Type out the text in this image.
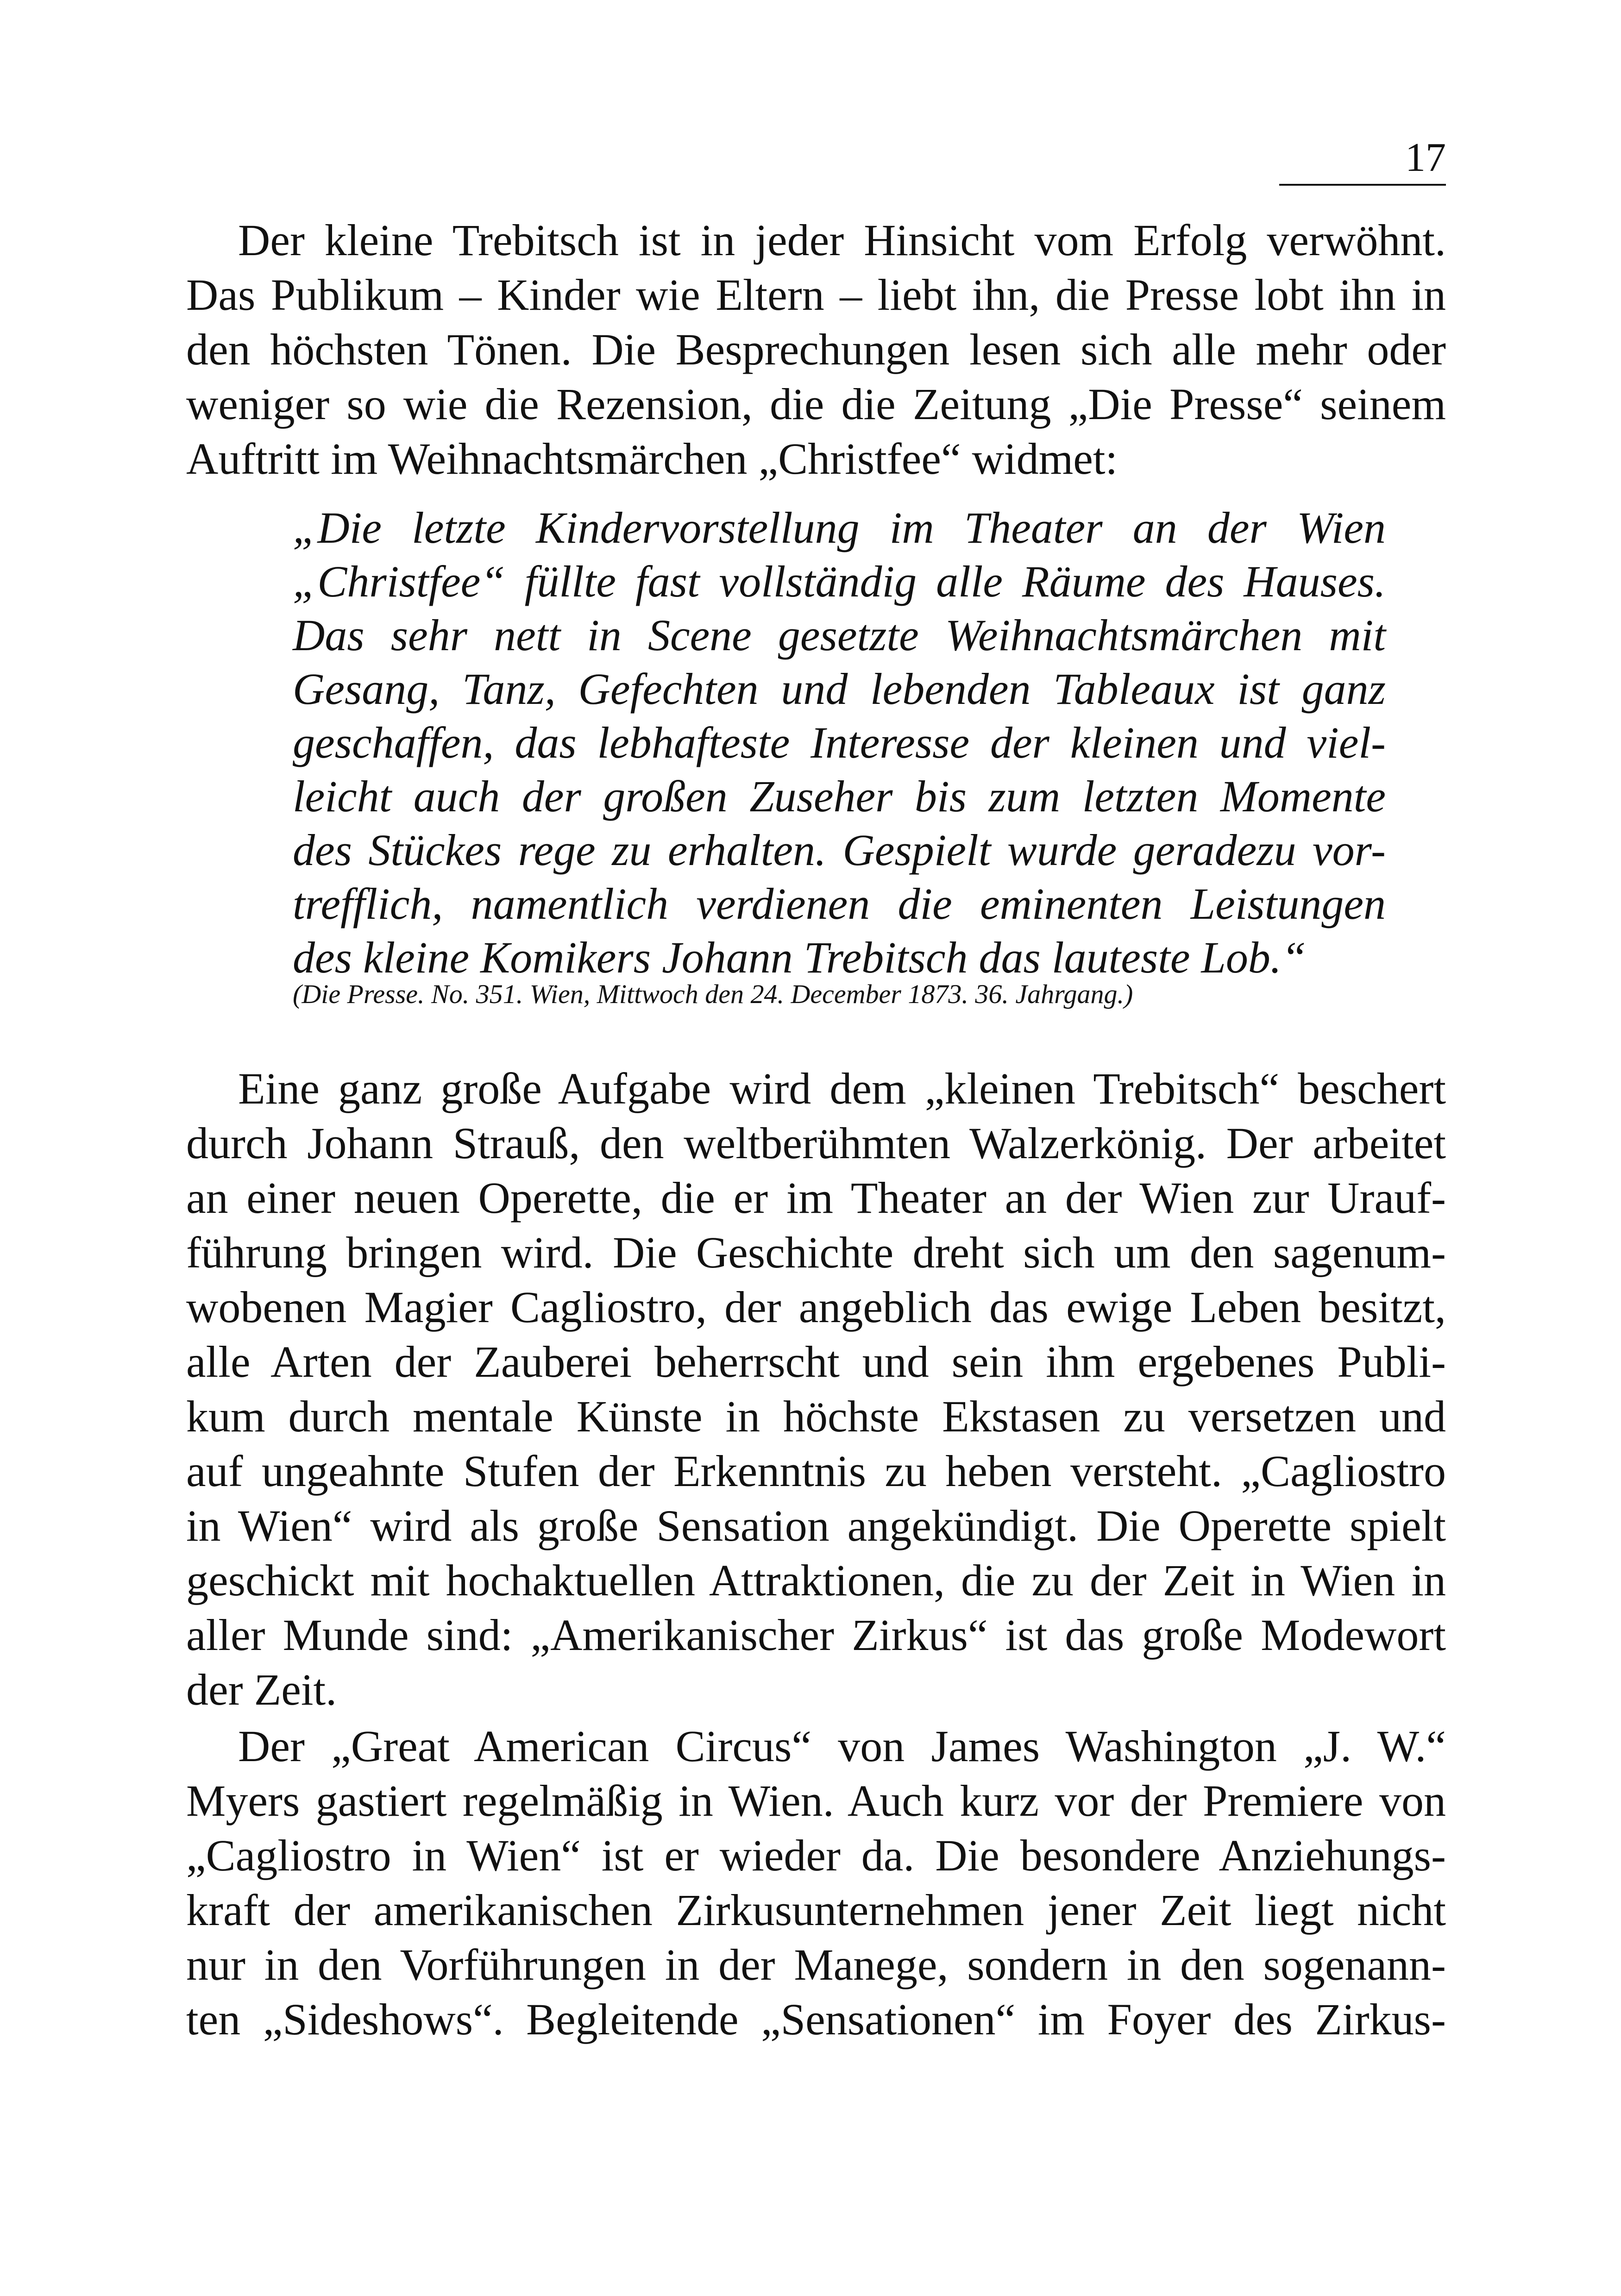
17
Der kleine Trebitsch ist in jeder Hinsicht vom Erfolg verwöhnt.
Das Publikum – Kinder wie Eltern – liebt ihn, die Presse lobt ihn in
den höchsten Tönen. Die Besprechungen lesen sich alle mehr oder
weniger so wie die Rezension, die die Zeitung „Die Presse“ seinem
Auftritt im Weihnachtsmärchen „Christfee“ widmet:
„Die letzte Kindervorstellung im Theater an der Wien
„Christfee“ füllte fast vollständig alle Räume des Hauses.
Das sehr nett in Scene gesetzte Weihnachtsmärchen mit
Gesang, Tanz, Gefechten und lebenden Tableaux ist ganz
geschaffen, das lebhafteste Interesse der kleinen und viel-
leicht auch der großen Zuseher bis zum letzten Momente
des Stückes rege zu erhalten. Gespielt wurde geradezu vor-
trefflich, namentlich verdienen die eminenten Leistungen
des kleine Komikers Johann Trebitsch das lauteste Lob.“
(Die Presse. No. 351. Wien, Mittwoch den 24. December 1873. 36. Jahrgang.)
Eine ganz große Aufgabe wird dem „kleinen Trebitsch“ beschert
durch Johann Strauß, den weltberühmten Walzerkönig. Der arbeitet
an einer neuen Operette, die er im Theater an der Wien zur Urauf-
führung bringen wird. Die Geschichte dreht sich um den sagenum-
wobenen Magier Cagliostro, der angeblich das ewige Leben besitzt,
alle Arten der Zauberei beherrscht und sein ihm ergebenes Publi-
kum durch mentale Künste in höchste Ekstasen zu versetzen und
auf ungeahnte Stufen der Erkenntnis zu heben versteht. „Cagliostro
in Wien“ wird als große Sensation angekündigt. Die Operette spielt
geschickt mit hochaktuellen Attraktionen, die zu der Zeit in Wien in
aller Munde sind: „Amerikanischer Zirkus“ ist das große Modewort
der Zeit.
Der „Great American Circus“ von James Washington „J. W.“
Myers gastiert regelmäßig in Wien. Auch kurz vor der Premiere von
„Cagliostro in Wien“ ist er wieder da. Die besondere Anziehungs-
kraft der amerikanischen Zirkusunternehmen jener Zeit liegt nicht
nur in den Vorführungen in der Manege, sondern in den sogenann-
ten „Sideshows“. Begleitende „Sensationen“ im Foyer des Zirkus-
